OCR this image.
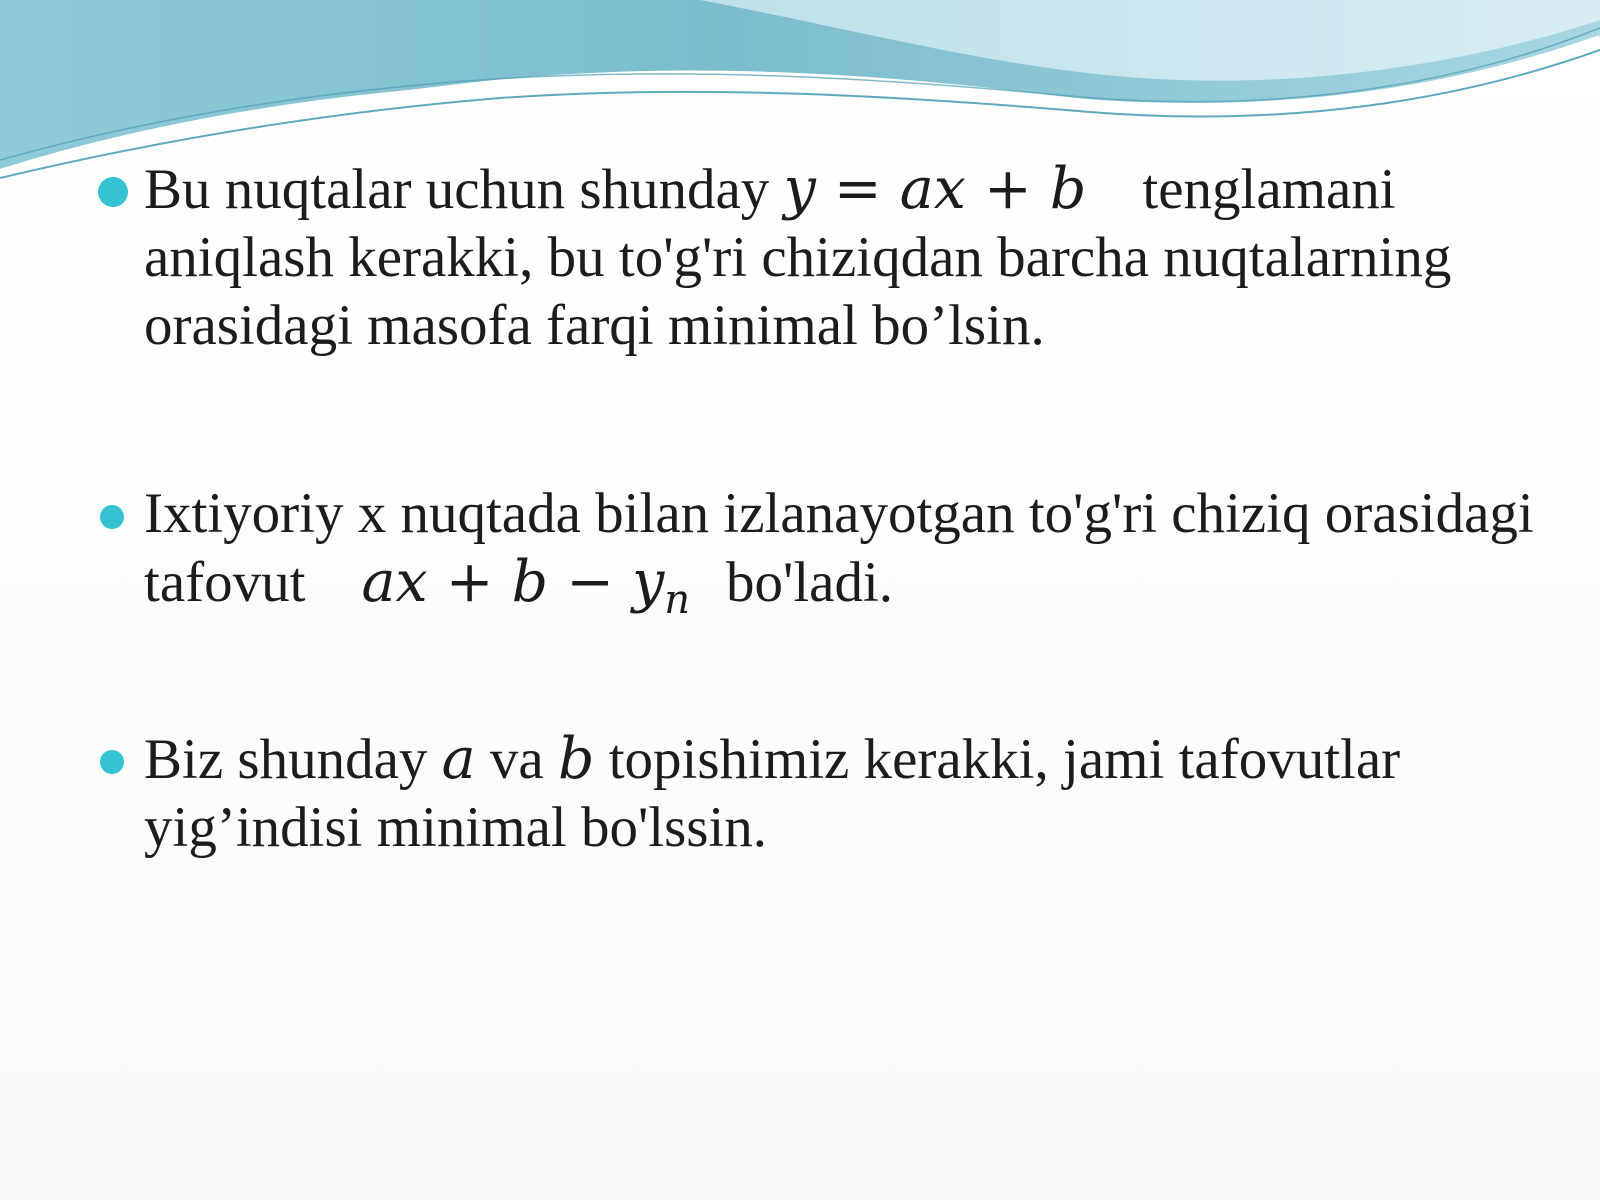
Bu nuqtalar uchun shunday y = ax + b tenglamani aniqlash kerakki, bu to'g'ri chiziqdan barcha nuqtalarning orasidagi masofa farqi minimal bo’lsin.

Ixtiyoriy x nuqtada bilan izlanayotgan to'g'ri chiziq orasidagi tafovut ax + $b - y_n$ bo'ladi.

Biz shunday a va b topishimiz kerakki, jami tafovutlar yig’indisi minimal bo'lssin.
